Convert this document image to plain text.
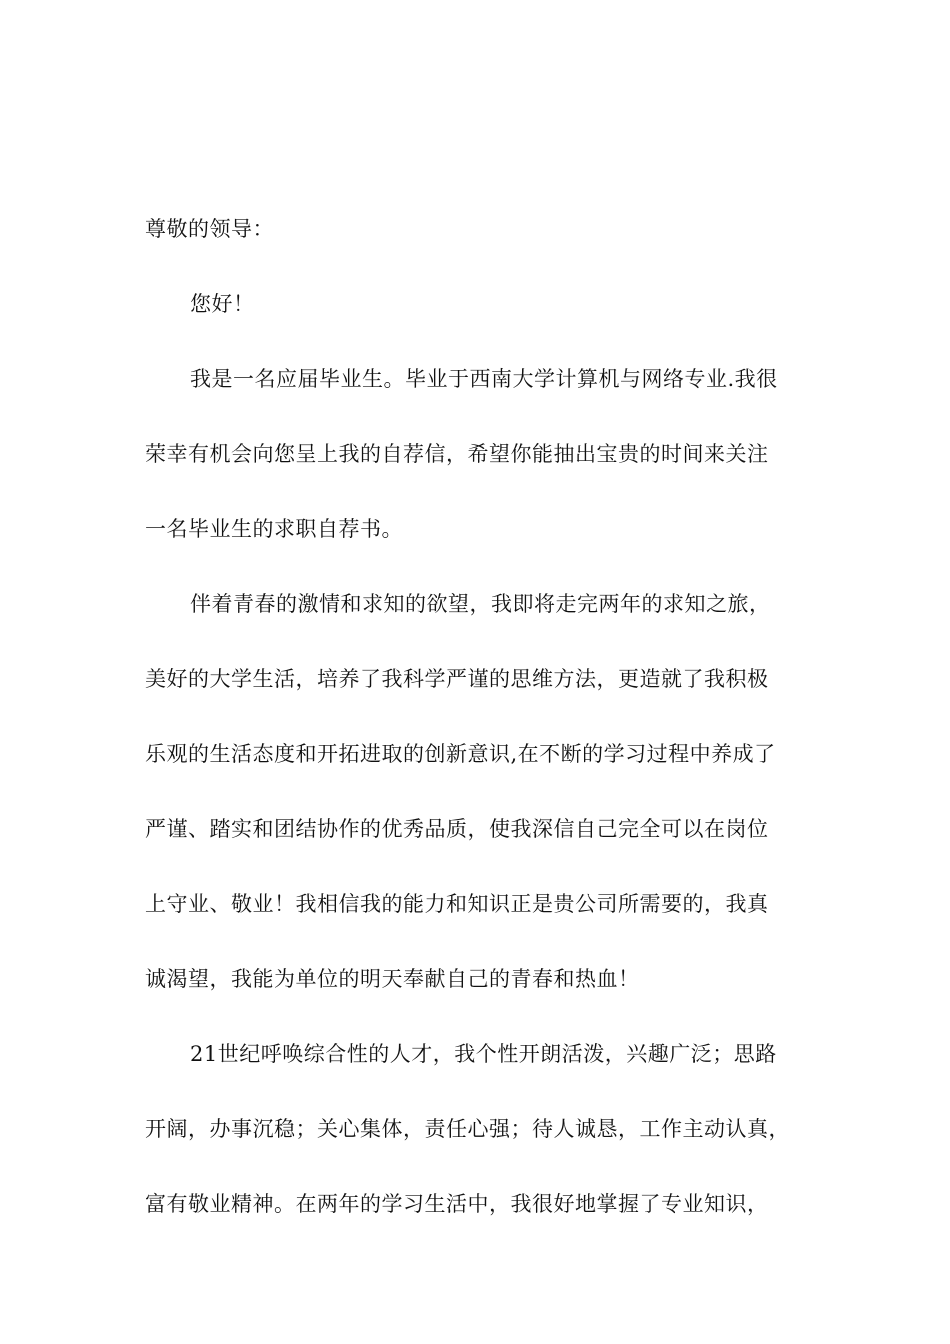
尊敬的领导：
您好！
我是一名应届毕业生。毕业于西南大学计算机与网络专业.我很
荣幸有机会向您呈上我的自荐信，希望你能抽出宝贵的时间来关注
一名毕业生的求职自荐书。
伴着青春的激情和求知的欲望，我即将走完两年的求知之旅，
美好的大学生活，培养了我科学严谨的思维方法，更造就了我积极
乐观的生活态度和开拓进取的创新意识,在不断的学习过程中养成了
严谨、踏实和团结协作的优秀品质，使我深信自己完全可以在岗位
上守业、敬业！我相信我的能力和知识正是贵公司所需要的，我真
诚渴望，我能为单位的明天奉献自己的青春和热血！
21世纪呼唤综合性的人才，我个性开朗活泼，兴趣广泛；思路
开阔，办事沉稳；关心集体，责任心强；待人诚恳，工作主动认真，
富有敬业精神。在两年的学习生活中，我很好地掌握了专业知识，
